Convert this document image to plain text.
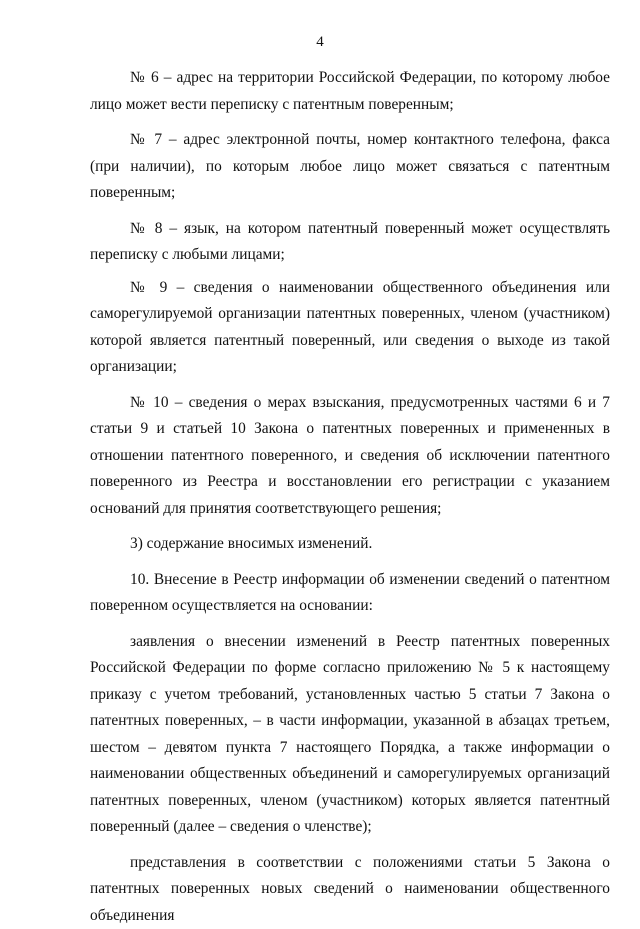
4

№ 6 – адрес на территории Российской Федерации, по которому любое лицо может вести переписку с патентным поверенным;

№ 7 – адрес электронной почты, номер контактного телефона, факса (при наличии), по которым любое лицо может связаться с патентным поверенным;

№ 8 – язык, на котором патентный поверенный может осуществлять переписку с любыми лицами;

№ 9 – сведения о наименовании общественного объединения или саморегулируемой организации патентных поверенных, членом (участником) которой является патентный поверенный, или сведения о выходе из такой организации;

№ 10 – сведения о мерах взыскания, предусмотренных частями 6 и 7 статьи 9 и статьей 10 Закона о патентных поверенных и примененных в отношении патентного поверенного, и сведения об исключении патентного поверенного из Реестра и восстановлении его регистрации с указанием оснований для принятия соответствующего решения;

3) содержание вносимых изменений.

10. Внесение в Реестр информации об изменении сведений о патентном поверенном осуществляется на основании:

заявления о внесении изменений в Реестр патентных поверенных Российской Федерации по форме согласно приложению № 5 к настоящему приказу с учетом требований, установленных частью 5 статьи 7 Закона о патентных поверенных, – в части информации, указанной в абзацах третьем, шестом – девятом пункта 7 настоящего Порядка, а также информации о наименовании общественных объединений и саморегулируемых организаций патентных поверенных, членом (участником) которых является патентный поверенный (далее – сведения о членстве);

представления в соответствии с положениями статьи 5 Закона о патентных поверенных новых сведений о наименовании общественного объединения
